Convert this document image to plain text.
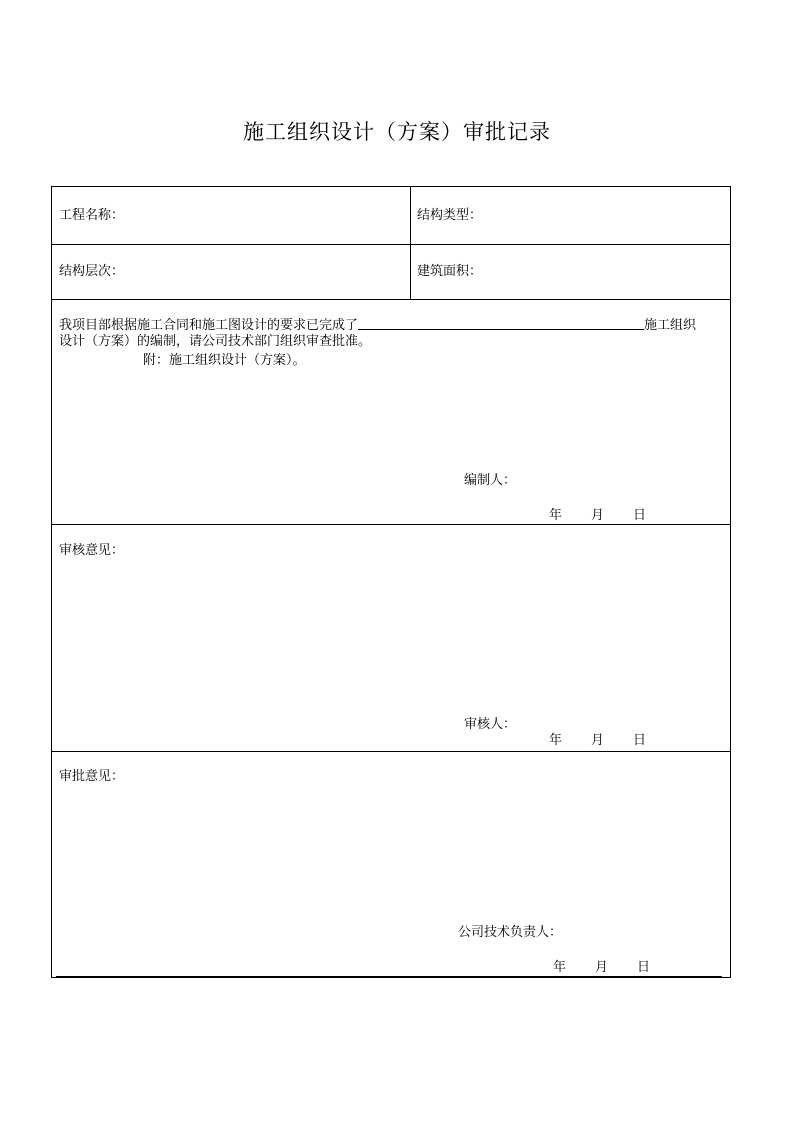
施工组织设计（方案）审批记录
工程名称：	结构类型：
结构层次：	建筑面积：
我项目部根据施工合同和施工图设计的要求已完成了	施工组织
设计（方案）的编制，请公司技术部门组织审查批准。
附：施工组织设计（方案）。
编制人：
年 月 日
审核意见：
审核人：
年 月 日
审批意见：
公司技术负责人：
年 月 日
